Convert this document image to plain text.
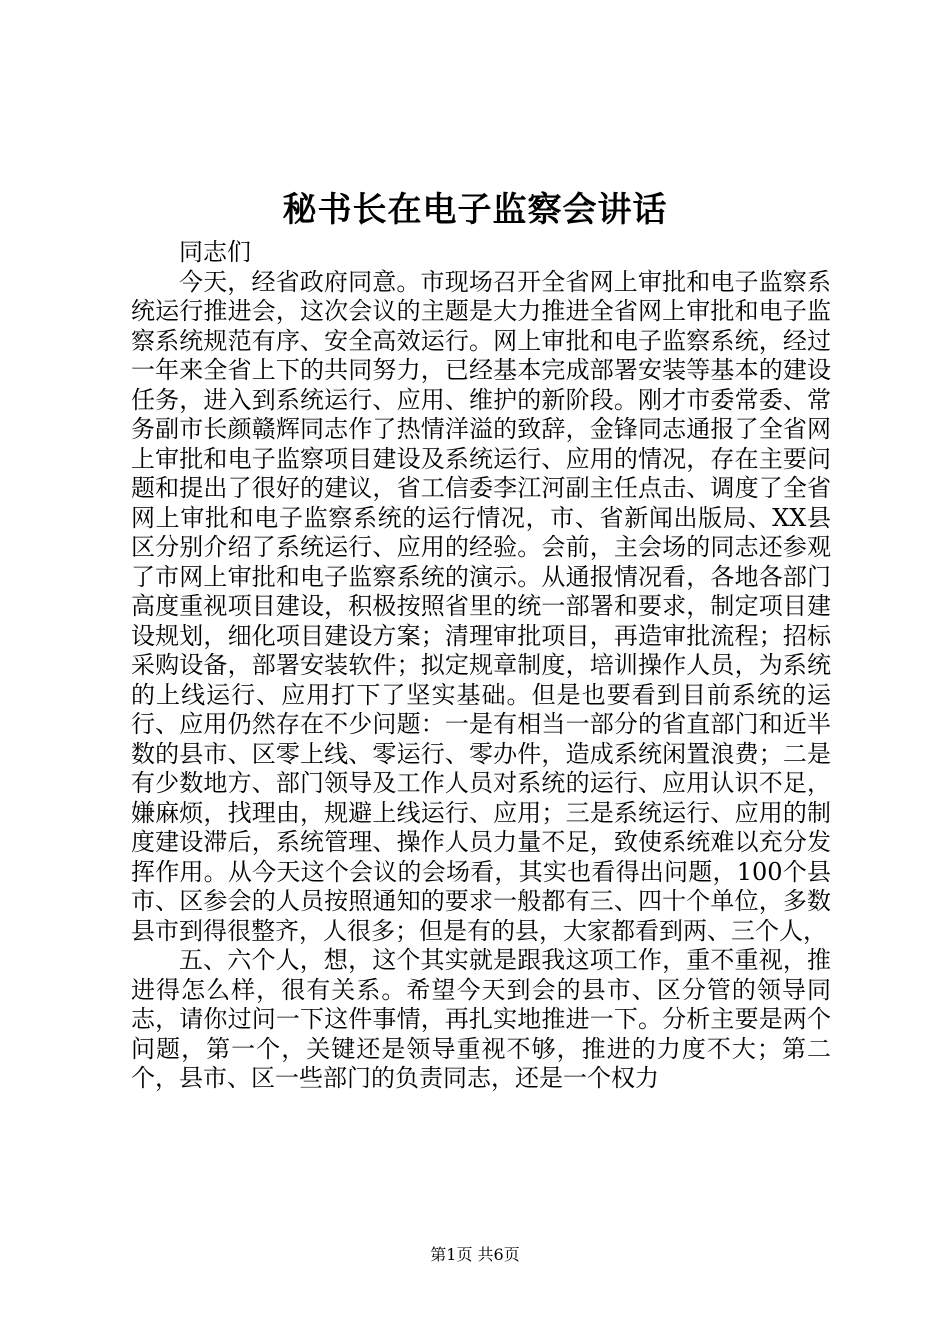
秘书长在电子监察会讲话

同志们

今天，经省政府同意。市现场召开全省网上审批和电子监察系统运行推进会，这次会议的主题是大力推进全省网上审批和电子监察系统规范有序、安全高效运行。网上审批和电子监察系统，经过一年来全省上下的共同努力，已经基本完成部署安装等基本的建设任务，进入到系统运行、应用、维护的新阶段。刚才市委常委、常务副市长颜赣辉同志作了热情洋溢的致辞，金锋同志通报了全省网上审批和电子监察项目建设及系统运行、应用的情况，存在主要问题和提出了很好的建议，省工信委李江河副主任点击、调度了全省网上审批和电子监察系统的运行情况，市、省新闻出版局、XX县区分别介绍了系统运行、应用的经验。会前，主会场的同志还参观了市网上审批和电子监察系统的演示。从通报情况看，各地各部门高度重视项目建设，积极按照省里的统一部署和要求，制定项目建设规划，细化项目建设方案；清理审批项目，再造审批流程；招标采购设备，部署安装软件；拟定规章制度，培训操作人员，为系统的上线运行、应用打下了坚实基础。但是也要看到目前系统的运行、应用仍然存在不少问题：一是有相当一部分的省直部门和近半数的县市、区零上线、零运行、零办件，造成系统闲置浪费；二是有少数地方、部门领导及工作人员对系统的运行、应用认识不足，嫌麻烦，找理由，规避上线运行、应用；三是系统运行、应用的制度建设滞后，系统管理、操作人员力量不足，致使系统难以充分发挥作用。从今天这个会议的会场看，其实也看得出问题，100个县市、区参会的人员按照通知的要求一般都有三、四十个单位，多数县市到得很整齐，人很多；但是有的县，大家都看到两、三个人，

五、六个人，想，这个其实就是跟我这项工作，重不重视，推进得怎么样，很有关系。希望今天到会的县市、区分管的领导同志，请你过问一下这件事情，再扎实地推进一下。分析主要是两个问题，第一个，关键还是领导重视不够，推进的力度不大；第二个，县市、区一些部门的负责同志，还是一个权力

第1页 共6页
